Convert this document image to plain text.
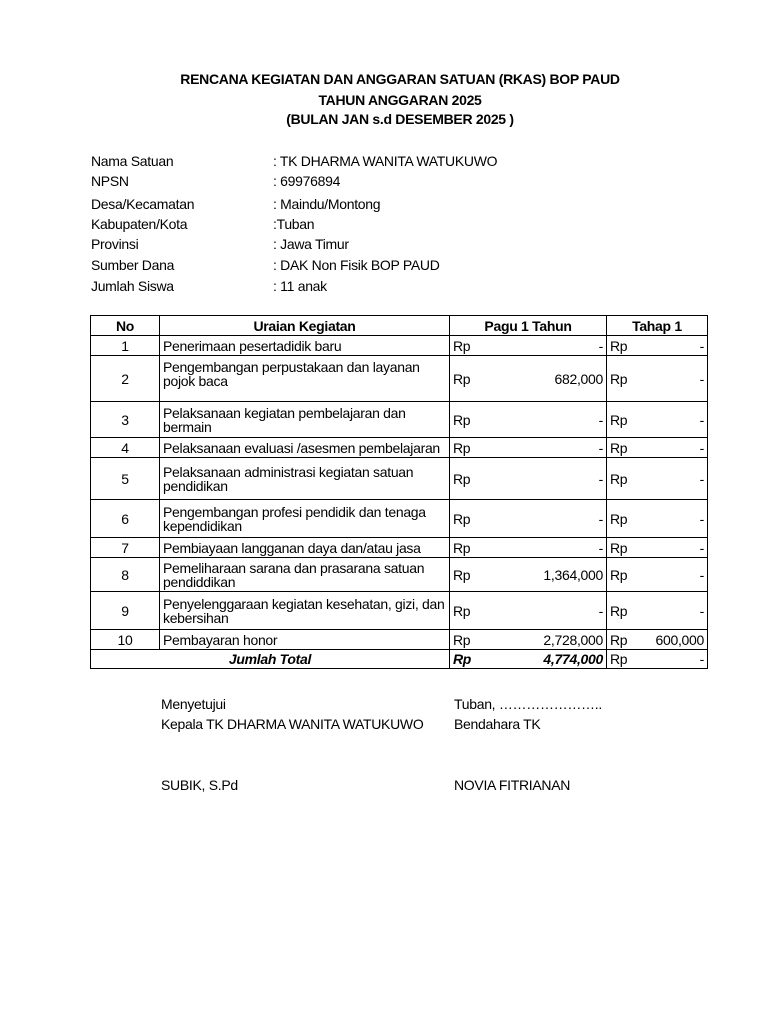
RENCANA KEGIATAN DAN ANGGARAN SATUAN (RKAS) BOP PAUD
TAHUN ANGGARAN 2025
(BULAN JAN s.d DESEMBER 2025 )
Nama Satuan	: TK DHARMA WANITA WATUKUWO
NPSN	: 69976894
Desa/Kecamatan	: Maindu/Montong
Kabupaten/Kota	:Tuban
Provinsi	: Jawa Timur
Sumber Dana	: DAK Non Fisik BOP PAUD
Jumlah Siswa	: 11 anak
No	Uraian Kegiatan	Pagu 1 Tahun	Tahap 1
1	Penerimaan pesertadidik baru	Rp -	Rp -

2	Pengembangan perpustakaan dan layanan pojok baca	Rp 682,000	Rp -

3	Pelaksanaan kegiatan pembelajaran dan bermain	Rp -	Rp -

4	Pelaksanaan evaluasi /asesmen pembelajaran	Rp -	Rp -

5	Pelaksanaan administrasi kegiatan satuan pendidikan	Rp -	Rp -

6	Pengembangan profesi pendidik dan tenaga kependidikan	Rp -	Rp -

7	Pembiayaan langganan daya dan/atau jasa	Rp -	Rp -

8	Pemeliharaan sarana dan prasarana satuan pendiddikan	Rp 1,364,000	Rp -

9	Penyelenggaraan kegiatan kesehatan, gizi, dan kebersihan	Rp -	Rp -

10	Pembayaran honor	Rp 2,728,000	Rp 600,000

Jumlah Total		Rp 4,774,000	Rp -
Menyetujui
Kepala TK DHARMA WANITA WATUKUWO
SUBIK, S.Pd
Tuban, …………………..
Bendahara TK
NOVIA FITRIANAN
